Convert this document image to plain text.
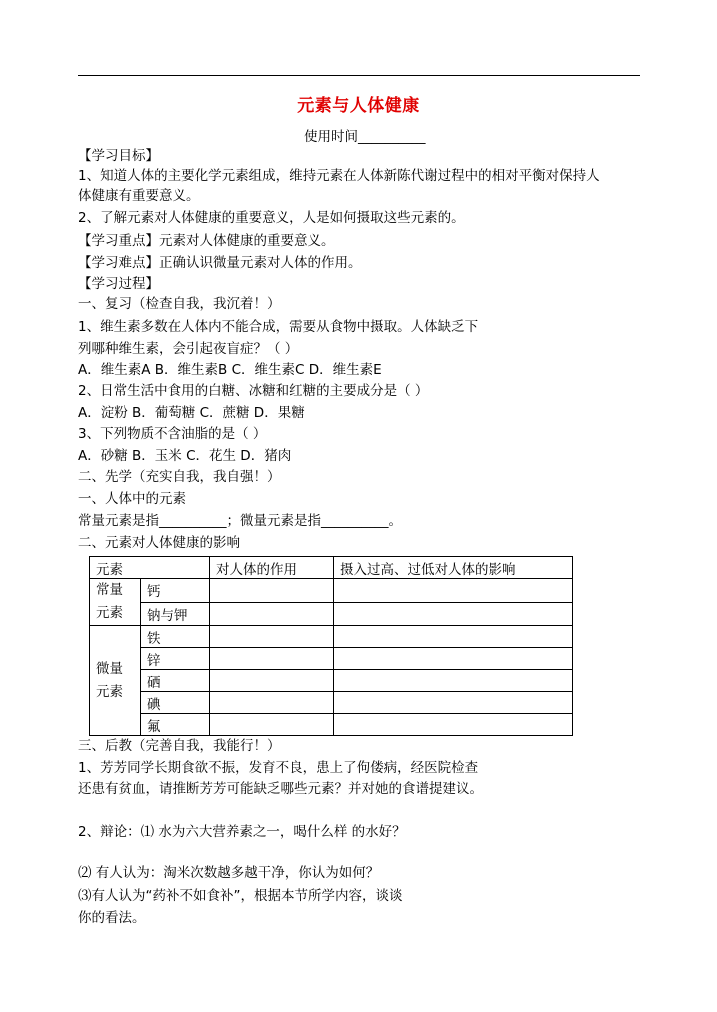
元素与人体健康
使用时间__________
【学习目标】
1、知道人体的主要化学元素组成，维持元素在人体新陈代谢过程中的相对平衡对保持人
体健康有重要意义。
2、了解元素对人体健康的重要意义，人是如何摄取这些元素的。
【学习重点】元素对人体健康的重要意义。
【学习难点】正确认识微量元素对人体的作用。
【学习过程】
一、复习（检查自我，我沉着！）
1、维生素多数在人体内不能合成，需要从食物中摄取。人体缺乏下
列哪种维生素，会引起夜盲症？（ ）
A．维生素A B．维生素B C．维生素C D．维生素E
2、日常生活中食用的白糖、冰糖和红糖的主要成分是（ ）
A．淀粉 B．葡萄糖 C．蔗糖 D．果糖
3、下列物质不含油脂的是（ ）
A．砂糖 B．玉米 C．花生 D．猪肉
二、先学（充实自我，我自强！）
一、人体中的元素
常量元素是指__________；微量元素是指__________。
二、元素对人体健康的影响
元素		对人体的作用	摄入过高、过低对人体的影响
常量元素	钙		
	钠与钾		
微量元素	铁		
	锌		
	硒		
	碘		
	氟		
三、后教（完善自我，我能行！）
1、芳芳同学长期食欲不振，发育不良，患上了佝偻病，经医院检查
还患有贫血，请推断芳芳可能缺乏哪些元素？并对她的食谱提建议。
2、辩论：⑴ 水为六大营养素之一，喝什么样 的水好？
⑵ 有人认为：淘米次数越多越干净，你认为如何？
⑶有人认为“药补不如食补”，根据本节所学内容，谈谈
你的看法。
